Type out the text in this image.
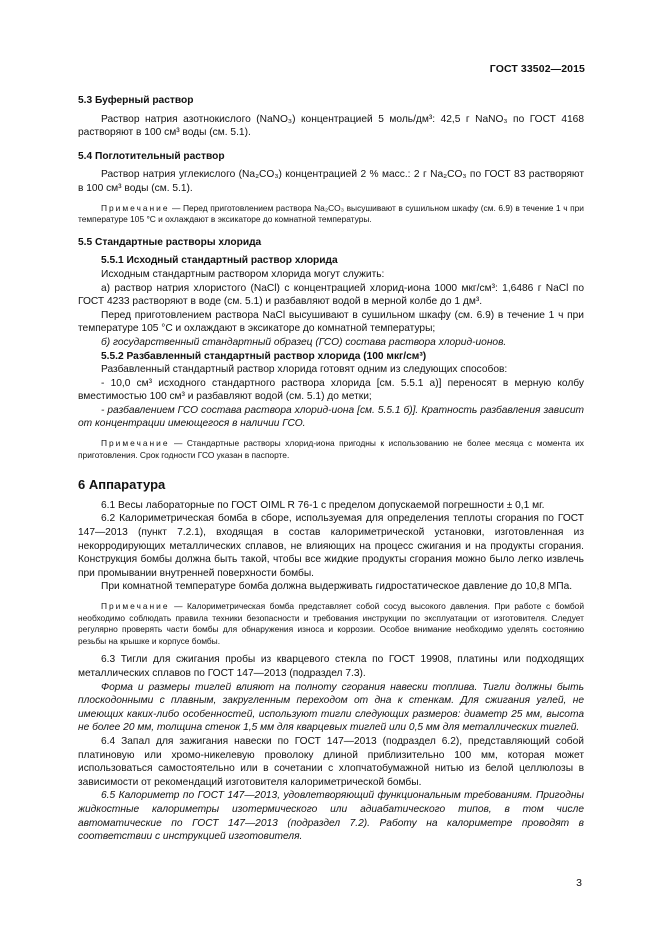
ГОСТ 33502—2015

5.3 Буферный раствор

Раствор натрия азотнокислого (NaNO₃) концентрацией 5 моль/дм³: 42,5 г NaNO₃ по ГОСТ 4168 растворяют в 100 см³ воды (см. 5.1).

5.4 Поглотительный раствор

Раствор натрия углекислого (Na₂CO₃) концентрацией 2 % масс.: 2 г Na₂CO₃ по ГОСТ 83 растворяют в 100 см³ воды (см. 5.1).

Примечание — Перед приготовлением раствора Na₂CO₃ высушивают в сушильном шкафу (см. 6.9) в течение 1 ч при температуре 105 °С и охлаждают в эксикаторе до комнатной температуры.

5.5 Стандартные растворы хлорида

5.5.1 Исходный стандартный раствор хлорида

Исходным стандартным раствором хлорида могут служить:

а) раствор натрия хлористого (NaCl) с концентрацией хлорид-иона 1000 мкг/см³: 1,6486 г NaCl по ГОСТ 4233 растворяют в воде (см. 5.1) и разбавляют водой в мерной колбе до 1 дм³.

Перед приготовлением раствора NaCl высушивают в сушильном шкафу (см. 6.9) в течение 1 ч при температуре 105 °С и охлаждают в эксикаторе до комнатной температуры;

б) государственный стандартный образец (ГСО) состава раствора хлорид-ионов.

5.5.2 Разбавленный стандартный раствор хлорида (100 мкг/см³)

Разбавленный стандартный раствор хлорида готовят одним из следующих способов:

- 10,0 см³ исходного стандартного раствора хлорида [см. 5.5.1 а)] переносят в мерную колбу вместимостью 100 см³ и разбавляют водой (см. 5.1) до метки;

- разбавлением ГСО состава раствора хлорид-иона [см. 5.5.1 б)]. Кратность разбавления зависит от концентрации имеющегося в наличии ГСО.

Примечание — Стандартные растворы хлорид-иона пригодны к использованию не более месяца с момента их приготовления. Срок годности ГСО указан в паспорте.

6 Аппаратура

6.1 Весы лабораторные по ГОСТ OIML R 76-1 с пределом допускаемой погрешности ± 0,1 мг.

6.2 Калориметрическая бомба в сборе, используемая для определения теплоты сгорания по ГОСТ 147—2013 (пункт 7.2.1), входящая в состав калориметрической установки, изготовленная из некорродирующих металлических сплавов, не влияющих на процесс сжигания и на продукты сгорания. Конструкция бомбы должна быть такой, чтобы все жидкие продукты сгорания можно было легко извлечь при промывании внутренней поверхности бомбы.

При комнатной температуре бомба должна выдерживать гидростатическое давление до 10,8 МПа.

Примечание — Калориметрическая бомба представляет собой сосуд высокого давления. При работе с бомбой необходимо соблюдать правила техники безопасности и требования инструкции по эксплуатации от изготовителя. Следует регулярно проверять части бомбы для обнаружения износа и коррозии. Особое внимание необходимо уделять состоянию резьбы на крышке и корпусе бомбы.

6.3 Тигли для сжигания пробы из кварцевого стекла по ГОСТ 19908, платины или подходящих металлических сплавов по ГОСТ 147—2013 (подраздел 7.3).

Форма и размеры тиглей влияют на полноту сгорания навески топлива. Тигли должны быть плоскодонными с плавным, закругленным переходом от дна к стенкам. Для сжигания углей, не имеющих каких-либо особенностей, используют тигли следующих размеров: диаметр 25 мм, высота не более 20 мм, толщина стенок 1,5 мм для кварцевых тиглей или 0,5 мм для металлических тиглей.

6.4 Запал для зажигания навески по ГОСТ 147—2013 (подраздел 6.2), представляющий собой платиновую или хромо-никелевую проволоку длиной приблизительно 100 мм, которая может использоваться самостоятельно или в сочетании с хлопчатобумажной нитью из белой целлюлозы в зависимости от рекомендаций изготовителя калориметрической бомбы.

6.5 Калориметр по ГОСТ 147—2013, удовлетворяющий функциональным требованиям. Пригодны жидкостные калориметры изотермического или адиабатического типов, в том числе автоматические по ГОСТ 147—2013 (подраздел 7.2). Работу на калориметре проводят в соответствии с инструкцией изготовителя.

3
